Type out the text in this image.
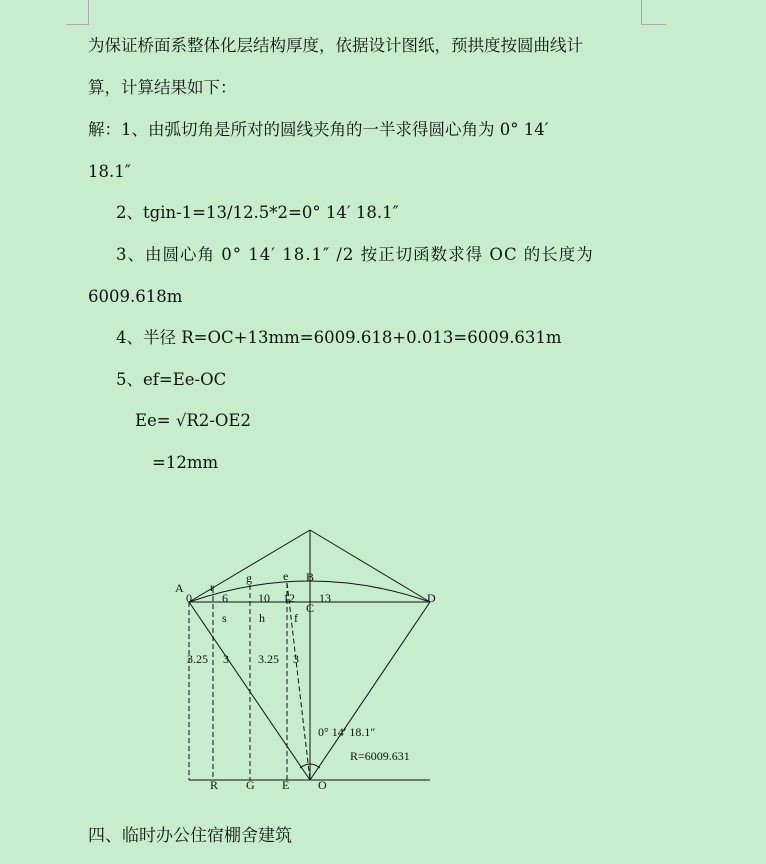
为保证桥面系整体化层结构厚度，依据设计图纸，预拱度按圆曲线计
算，计算结果如下：
解：1、由弧切角是所对的圆线夹角的一半求得圆心角为 0° 14′
18.1″
2、tgin-1=13/12.5*2=0° 14′ 18.1″
3、由圆心角 0° 14′ 18.1″ /2 按正切函数求得 OC 的长度为
6009.618m
4、半径 R=OC+13mm=6009.618+0.013=6009.631m
5、ef=Ee-OC
Ee= √R2-OE2
=12mm
A r
g	e B
C
D
0	6	10 12 13
s	h f
3.25 3 3.25 3
0° 14′ 18.1″
R=6009.631
R G E O
四、临时办公住宿棚舍建筑
